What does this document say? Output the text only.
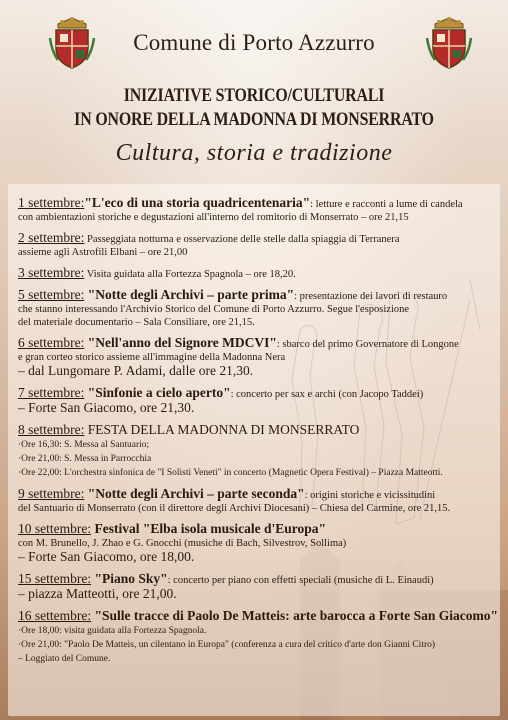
Comune di Porto Azzurro
INIZIATIVE STORICO/CULTURALI
IN ONORE DELLA MADONNA DI MONSERRATO
Cultura, storia e tradizione

1 settembre:"L'eco di una storia quadricentenaria": letture e racconti a lume di candela

con ambientazioni storiche e degustazioni all'interno del romitorio di Monserrato – ore 21,15

2 settembre: Passeggiata notturna e osservazione delle stelle dalla spiaggia di Terranera

assieme agli Astrofili Elbani – ore 21,00

3 settembre: Visita guidata alla Fortezza Spagnola – ore 18,20.

5 settembre: "Notte degli Archivi – parte prima": presentazione dei lavori di restauro

che stanno interessando l'Archivio Storico del Comune di Porto Azzurro. Segue l'esposizione

del materiale documentario – Sala Consiliare, ore 21,15.

6 settembre: "Nell'anno del Signore MDCVI": sbarco del primo Governatore di Longone

e gran corteo storico assieme all'immagine della Madonna Nera

– dal Lungomare P. Adami, dalle ore 21,30.

7 settembre: "Sinfonie a cielo aperto": concerto per sax e archi (con Jacopo Taddei)

– Forte San Giacomo, ore 21,30.

8 settembre: FESTA DELLA MADONNA DI MONSERRATO

·Ore 16,30: S. Messa al Santuario;

·Ore 21,00: S. Messa in Parrocchia

·Ore 22,00: L'orchestra sinfonica de "I Solisti Veneti" in concerto (Magnetic Opera Festival) – Piazza Matteotti.

9 settembre: "Notte degli Archivi – parte seconda": origini storiche e vicissitudini

del Santuario di Monserrato (con il direttore degli Archivi Diocesani) – Chiesa del Carmine, ore 21,15.

10 settembre: Festival "Elba isola musicale d'Europa"

con M. Brunello, J. Zhao e G. Gnocchi (musiche di Bach, Silvestrov, Sollima)

– Forte San Giacomo, ore 18,00.

15 settembre: "Piano Sky": concerto per piano con effetti speciali (musiche di L. Einaudi)

– piazza Matteotti, ore 21,00.

16 settembre: "Sulle tracce di Paolo De Matteis: arte barocca a Forte San Giacomo"

·Ore 18,00: visita guidata alla Fortezza Spagnola.

·Ore 21,00: "Paolo De Matteis, un cilentano in Europa" (conferenza a cura del critico d'arte don Gianni Citro)

– Loggiato del Comune.
